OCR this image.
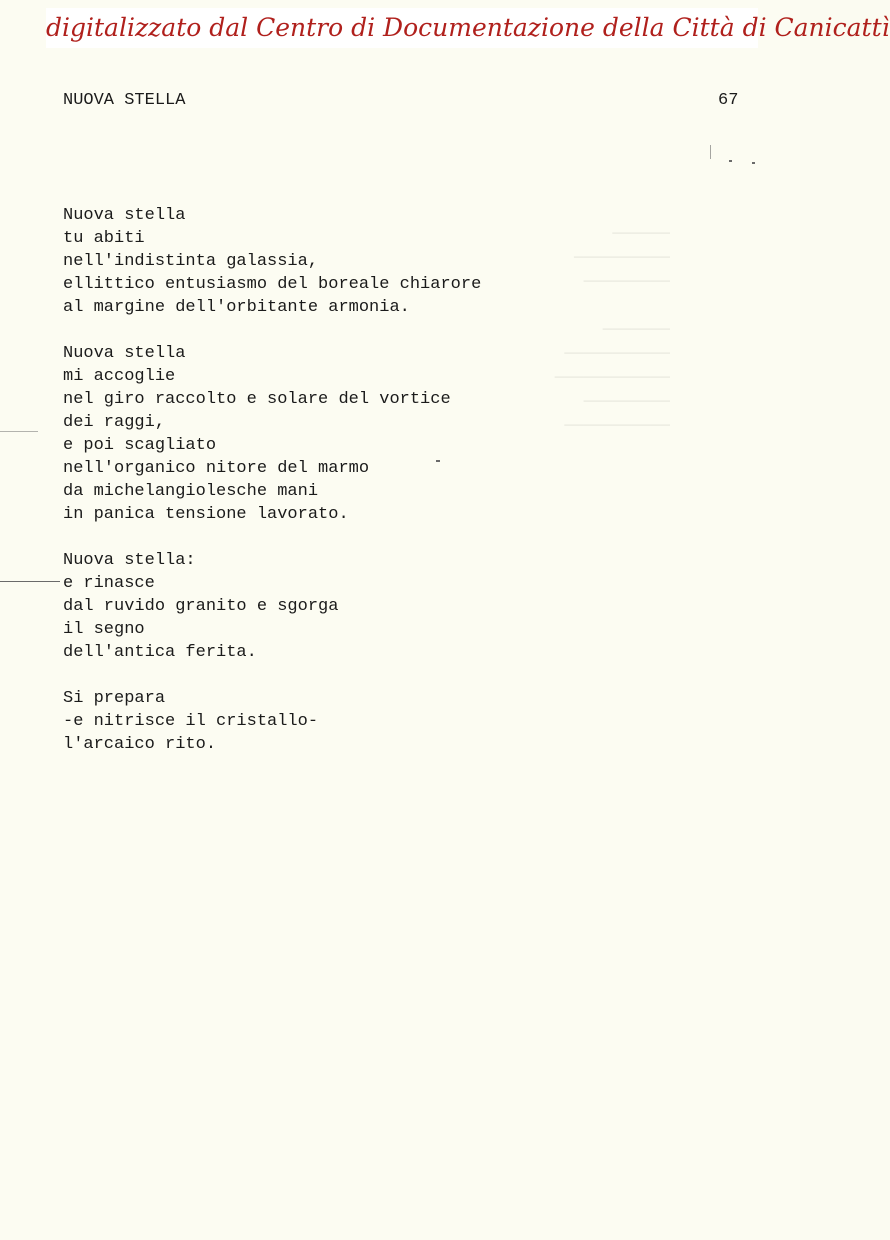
digitalizzato dal Centro di Documentazione della Città di Canicattì
NUOVA STELLA	67
──────
──────────
─────────
───────
───────────
────────────
─────────
───────────
Nuova stella
tu abiti
nell'indistinta galassia,
ellittico entusiasmo del boreale chiarore
al margine dell'orbitante armonia.
Nuova stella
mi accoglie
nel giro raccolto e solare del vortice
dei raggi,
e poi scagliato
nell'organico nitore del marmo
da michelangiolesche mani
in panica tensione lavorato.
Nuova stella:
e rinasce
dal ruvido granito e sgorga
il segno
dell'antica ferita.
Si prepara
-e nitrisce il cristallo-
l'arcaico rito.
